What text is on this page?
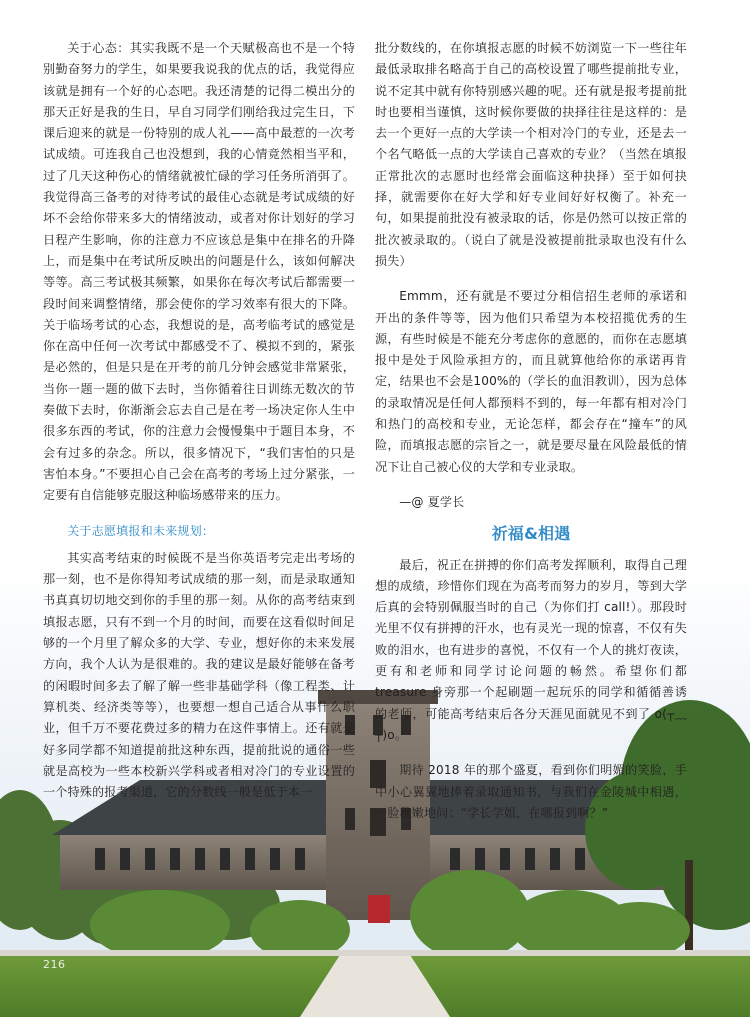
关于心态：其实我既不是一个天赋极高也不是一个特别勤奋努力的学生，如果要我说我的优点的话，我觉得应该就是拥有一个好的心态吧。我还清楚的记得二模出分的那天正好是我的生日，早自习同学们刚给我过完生日，下课后迎来的就是一份特别的成人礼——高中最惹的一次考试成绩。可连我自己也没想到，我的心情竟然相当平和，过了几天这种伤心的情绪就被忙碌的学习任务所消弭了。我觉得高三备考的对待考试的最佳心态就是考试成绩的好坏不会给你带来多大的情绪波动，或者对你计划好的学习日程产生影响，你的注意力不应该总是集中在排名的升降上，而是集中在考试所反映出的问题是什么，该如何解决等等。高三考试极其频繁，如果你在每次考试后都需要一段时间来调整情绪，那会使你的学习效率有很大的下降。关于临场考试的心态，我想说的是，高考临考试的感觉是你在高中任何一次考试中都感受不了、模拟不到的，紧张是必然的，但是只是在开考的前几分钟会感觉非常紧张，当你一题一题的做下去时，当你循着往日训练无数次的节奏做下去时，你渐渐会忘去自己是在考一场决定你人生中很多东西的考试，你的注意力会慢慢集中于题目本身，不会有过多的杂念。所以，很多情况下，“我们害怕的只是害怕本身。”不要担心自己会在高考的考场上过分紧张，一定要有自信能够克服这种临场感带来的压力。

关于志愿填报和未来规划：

其实高考结束的时候既不是当你英语考完走出考场的那一刻，也不是你得知考试成绩的那一刻，而是录取通知书真真切切地交到你的手里的那一刻。从你的高考结束到填报志愿，只有不到一个月的时间，而要在这看似时间足够的一个月里了解众多的大学、专业，想好你的未来发展方向，我个人认为是很难的。我的建议是最好能够在备考的闲暇时间多去了解了解一些非基础学科（像工程类、计算机类、经济类等等），也要想一想自己适合从事什么职业，但千万不要花费过多的精力在这件事情上。还有就是好多同学都不知道提前批这种东西，提前批说的通俗一些就是高校为一些本校新兴学科或者相对冷门的专业设置的一个特殊的报考渠道，它的分数线一般是低于本一

批分数线的，在你填报志愿的时候不妨浏览一下一些往年最低录取排名略高于自己的高校设置了哪些提前批专业，说不定其中就有你特别感兴趣的呢。还有就是报考提前批时也要相当谨慎，这时候你要做的抉择往往是这样的：是去一个更好一点的大学读一个相对冷门的专业，还是去一个名气略低一点的大学读自己喜欢的专业？（当然在填报正常批次的志愿时也经常会面临这种抉择）至于如何抉择，就需要你在好大学和好专业间好好权衡了。补充一句，如果提前批没有被录取的话，你是仍然可以按正常的批次被录取的。（说白了就是没被提前批录取也没有什么损失）

Emmm，还有就是不要过分相信招生老师的承诺和开出的条件等等，因为他们只希望为本校招揽优秀的生源，有些时候是不能充分考虑你的意愿的，而你在志愿填报中是处于风险承担方的，而且就算他给你的承诺再肯定，结果也不会是100%的（学长的血泪教训），因为总体的录取情况是任何人都预料不到的，每一年都有相对冷门和热门的高校和专业，无论怎样，都会存在“撞车”的风险，而填报志愿的宗旨之一，就是要尽量在风险最低的情况下让自己被心仪的大学和专业录取。

—@ 夏学长

祈福&相遇

最后，祝正在拼搏的你们高考发挥顺利，取得自己理想的成绩，珍惜你们现在为高考而努力的岁月，等到大学后真的会特别佩服当时的自己（为你们打 call!）。那段时光里不仅有拼搏的汗水，也有灵光一现的惊喜，不仅有失败的泪水，也有进步的喜悦，不仅有一个人的挑灯夜读，更有和老师和同学讨论问题的畅然。希望你们都 treasure 身旁那一个起刷题一起玩乐的同学和循循善诱的老师，可能高考结束后各分天涯见面就见不到了 o(┬﹏┬)o。

期待 2018 年的那个盛夏，看到你们明媚的笑脸，手中小心翼翼地捧着录取通知书，与我们在金陵城中相遇，一脸稚嫩地问：“学长学姐，在哪报到啊？”

216
